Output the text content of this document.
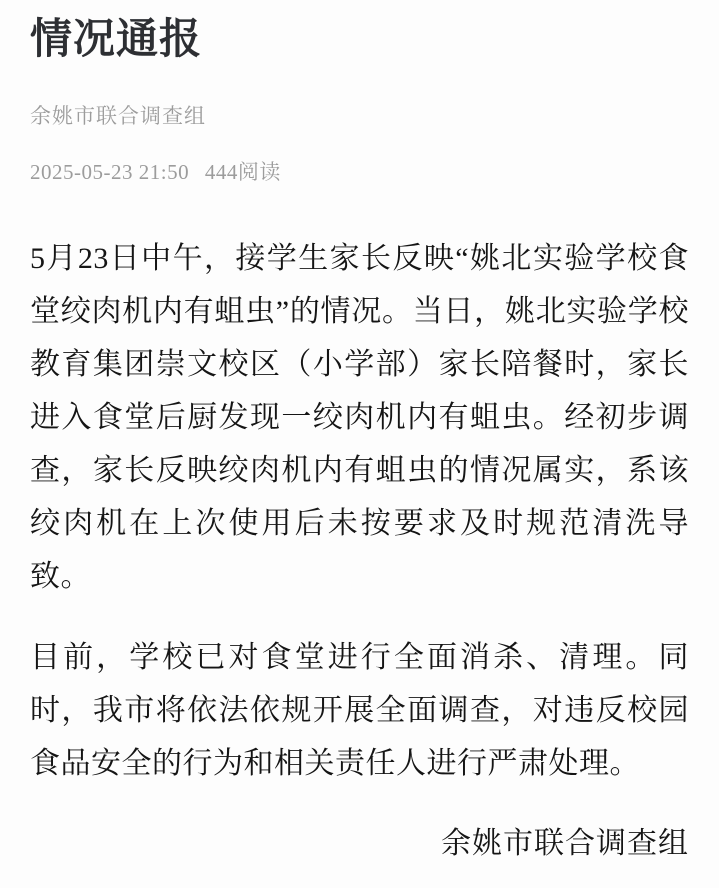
情况通报
余姚市联合调查组
2025-05-23 21:50 444阅读

5月23日中午，接学生家长反映“姚北实验学校食堂绞肉机内有蛆虫”的情况。当日，姚北实验学校教育集团崇文校区（小学部）家长陪餐时，家长进入食堂后厨发现一绞肉机内有蛆虫。经初步调查，家长反映绞肉机内有蛆虫的情况属实，系该绞肉机在上次使用后未按要求及时规范清洗导致。

目前，学校已对食堂进行全面消杀、清理。同时，我市将依法依规开展全面调查，对违反校园食品安全的行为和相关责任人进行严肃处理。

余姚市联合调查组
